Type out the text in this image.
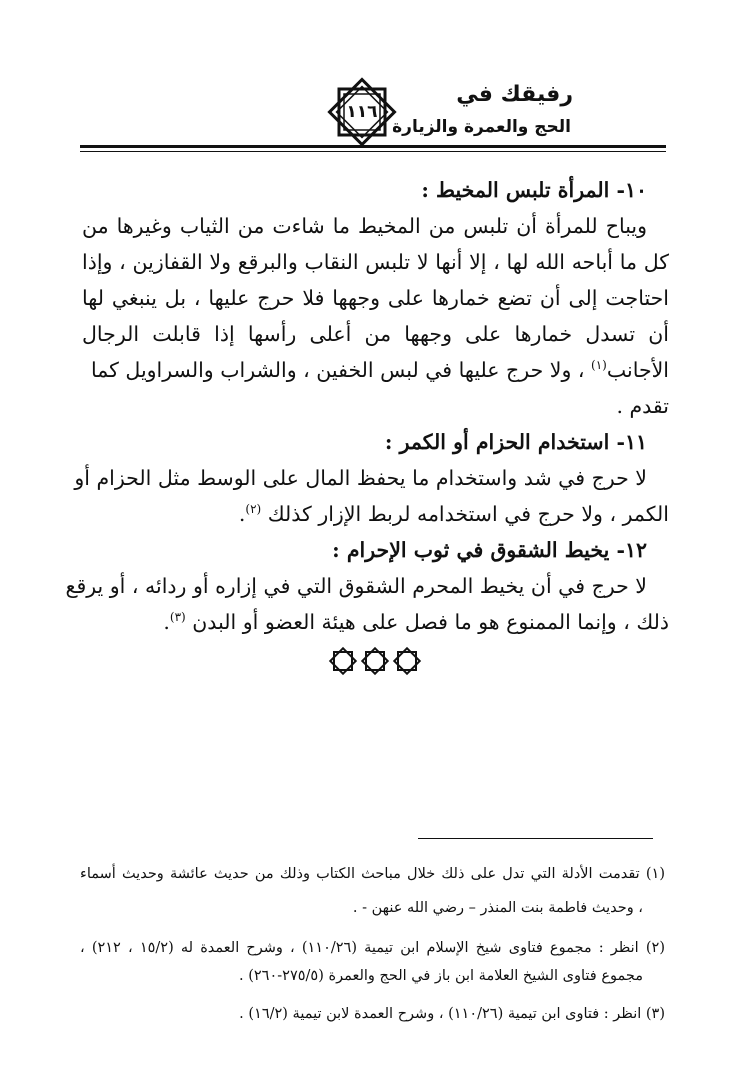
رفيقك في
الحج والعمرة والزيارة
١١٦
١٠- المرأة تلبس المخيط :
ويباح للمرأة أن تلبس من المخيط ما شاءت من الثياب وغيرها من
كل ما أباحه الله لها ، إلا أنها لا تلبس النقاب والبرقع ولا القفازين ، وإذا
احتاجت إلى أن تضع خمارها على وجهها فلا حرج عليها ، بل ينبغي لها
أن تسدل خمارها على وجهها من أعلى رأسها إذا قابلت الرجال
الأجانب$^{(١)}$ ، ولا حرج عليها في لبس الخفين ، والشراب والسراويل كما
تقدم .
١١- استخدام الحزام أو الكمر :
لا حرج في شد واستخدام ما يحفظ المال على الوسط مثل الحزام أو
الكمر ، ولا حرج في استخدامه لربط الإزار كذلك $^{(٢)}$.
١٢- يخيط الشقوق في ثوب الإحرام :
لا حرج في أن يخيط المحرم الشقوق التي في إزاره أو ردائه ، أو يرقع
ذلك ، وإنما الممنوع هو ما فصل على هيئة العضو أو البدن $^{(٣)}$.
(١) تقدمت الأدلة التي تدل على ذلك خلال مباحث الكتاب وذلك من حديث عائشة وحديث أسماء
، وحديث فاطمة بنت المنذر – رضي الله عنهن - .
(٢) انظر : مجموع فتاوى شيخ الإسلام ابن تيمية (١١٠/٢٦) ، وشرح العمدة له (١٥/٢ ، ٢١٢) ،
مجموع فتاوى الشيخ العلامة ابن باز في الحج والعمرة (٢٧٥/٥-٢٦٠) .
(٣) انظر : فتاوى ابن تيمية (١١٠/٢٦) ، وشرح العمدة لابن تيمية (١٦/٢) .
